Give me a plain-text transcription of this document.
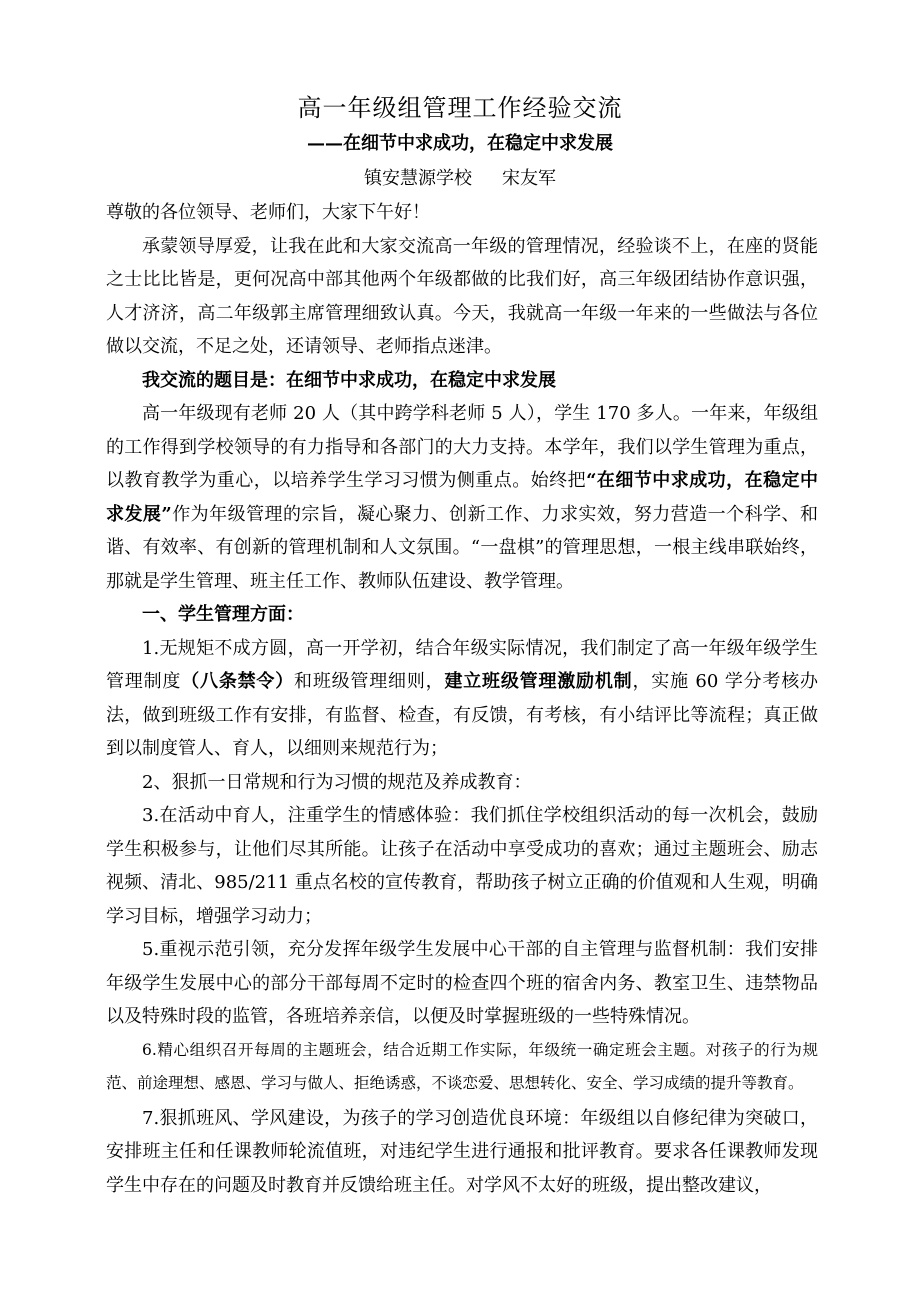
高一年级组管理工作经验交流
——在细节中求成功，在稳定中求发展
镇安慧源学校 宋友军

尊敬的各位领导、老师们，大家下午好！

承蒙领导厚爱，让我在此和大家交流高一年级的管理情况，经验谈不上，在座的贤能之士比比皆是，更何况高中部其他两个年级都做的比我们好，高三年级团结协作意识强，人才济济，高二年级郭主席管理细致认真。今天，我就高一年级一年来的一些做法与各位做以交流，不足之处，还请领导、老师指点迷津。

我交流的题目是：在细节中求成功，在稳定中求发展

高一年级现有老师 20 人（其中跨学科老师 5 人），学生 170 多人。一年来，年级组的工作得到学校领导的有力指导和各部门的大力支持。本学年，我们以学生管理为重点，以教育教学为重心，以培养学生学习习惯为侧重点。始终把“在细节中求成功，在稳定中求发展”作为年级管理的宗旨，凝心聚力、创新工作、力求实效，努力营造一个科学、和谐、有效率、有创新的管理机制和人文氛围。“一盘棋”的管理思想，一根主线串联始终，那就是学生管理、班主任工作、教师队伍建设、教学管理。

一、学生管理方面：

1.无规矩不成方圆，高一开学初，结合年级实际情况，我们制定了高一年级年级学生管理制度（八条禁令）和班级管理细则，建立班级管理激励机制，实施 60 学分考核办法，做到班级工作有安排，有监督、检查，有反馈，有考核，有小结评比等流程；真正做到以制度管人、育人，以细则来规范行为；

2、狠抓一日常规和行为习惯的规范及养成教育：

3.在活动中育人，注重学生的情感体验：我们抓住学校组织活动的每一次机会，鼓励学生积极参与，让他们尽其所能。让孩子在活动中享受成功的喜欢；通过主题班会、励志视频、清北、985/211 重点名校的宣传教育，帮助孩子树立正确的价值观和人生观，明确学习目标，增强学习动力；

5.重视示范引领，充分发挥年级学生发展中心干部的自主管理与监督机制：我们安排年级学生发展中心的部分干部每周不定时的检查四个班的宿舍内务、教室卫生、违禁物品以及特殊时段的监管，各班培养亲信，以便及时掌握班级的一些特殊情况。

6.精心组织召开每周的主题班会，结合近期工作实际，年级统一确定班会主题。对孩子的行为规范、前途理想、感恩、学习与做人、拒绝诱惑，不谈恋爱、思想转化、安全、学习成绩的提升等教育。

7.狠抓班风、学风建设，为孩子的学习创造优良环境：年级组以自修纪律为突破口，安排班主任和任课教师轮流值班，对违纪学生进行通报和批评教育。要求各任课教师发现学生中存在的问题及时教育并反馈给班主任。对学风不太好的班级，提出整改建议，
